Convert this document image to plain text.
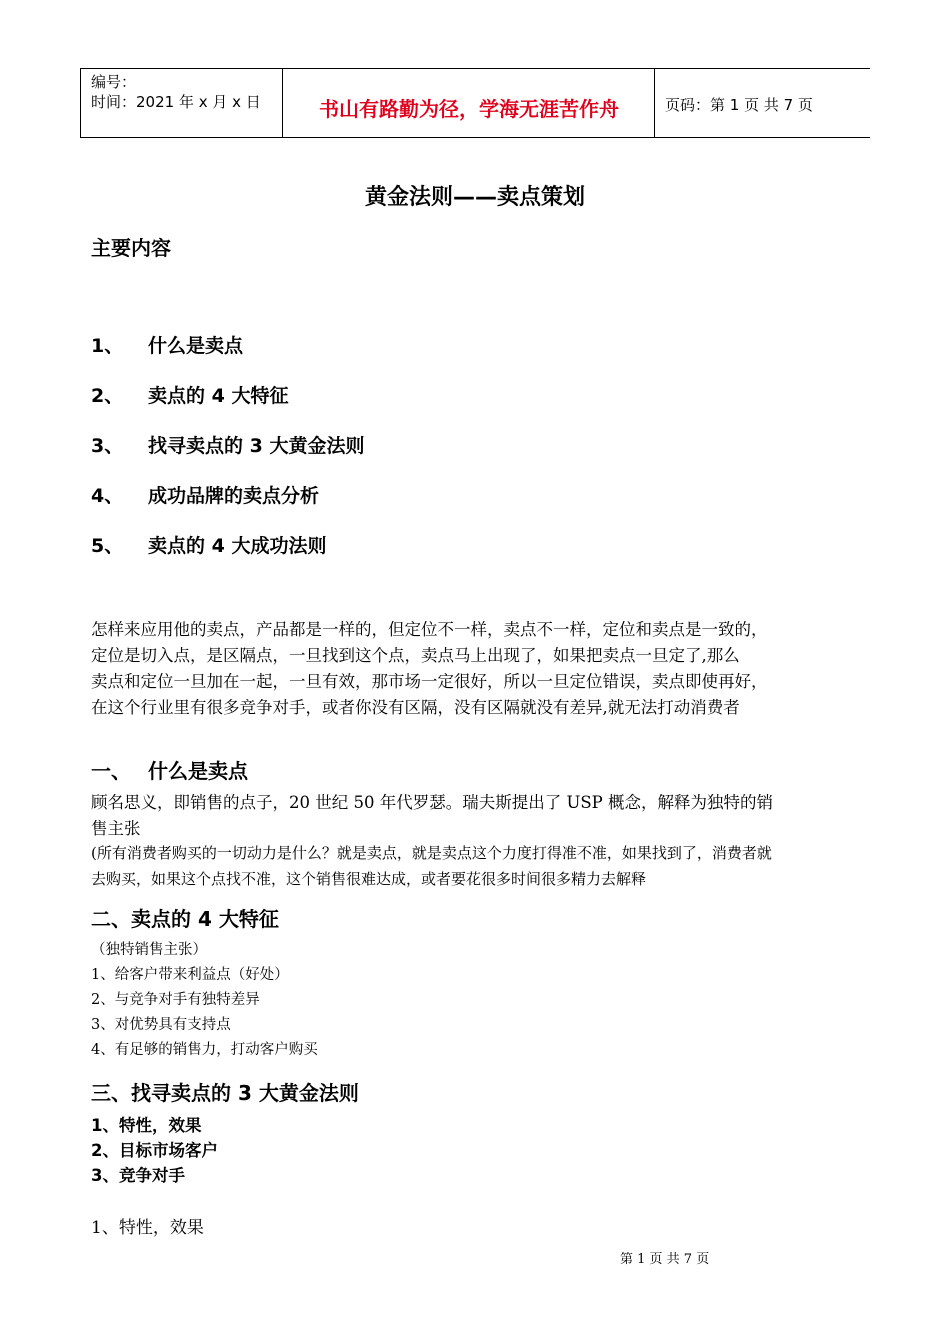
编号：
时间：2021 年 x 月 x 日	书山有路勤为径，学海无涯苦作舟	页码：第 1 页 共 7 页
黄金法则——卖点策划
主要内容
1、 什么是卖点
2、 卖点的 4 大特征
3、 找寻卖点的 3 大黄金法则
4、 成功品牌的卖点分析
5、 卖点的 4 大成功法则
怎样来应用他的卖点，产品都是一样的，但定位不一样，卖点不一样，定位和卖点是一致的，
定位是切入点，是区隔点，一旦找到这个点，卖点马上出现了，如果把卖点一旦定了,那么
卖点和定位一旦加在一起，一旦有效，那市场一定很好，所以一旦定位错误，卖点即使再好，
在这个行业里有很多竞争对手，或者你没有区隔，没有区隔就没有差异,就无法打动消费者
一、 什么是卖点
顾名思义，即销售的点子，20 世纪 50 年代罗瑟。瑞夫斯提出了 USP 概念，解释为独特的销
售主张
(所有消费者购买的一切动力是什么？就是卖点，就是卖点这个力度打得准不准，如果找到了，消费者就
去购买，如果这个点找不准，这个销售很难达成，或者要花很多时间很多精力去解释
二、卖点的 4 大特征
（独特销售主张）
1、给客户带来利益点（好处）
2、与竞争对手有独特差异
3、对优势具有支持点
4、有足够的销售力，打动客户购买
三、找寻卖点的 3 大黄金法则
1、特性，效果
2、目标市场客户
3、竞争对手
1、特性，效果
第 1 页 共 7 页
